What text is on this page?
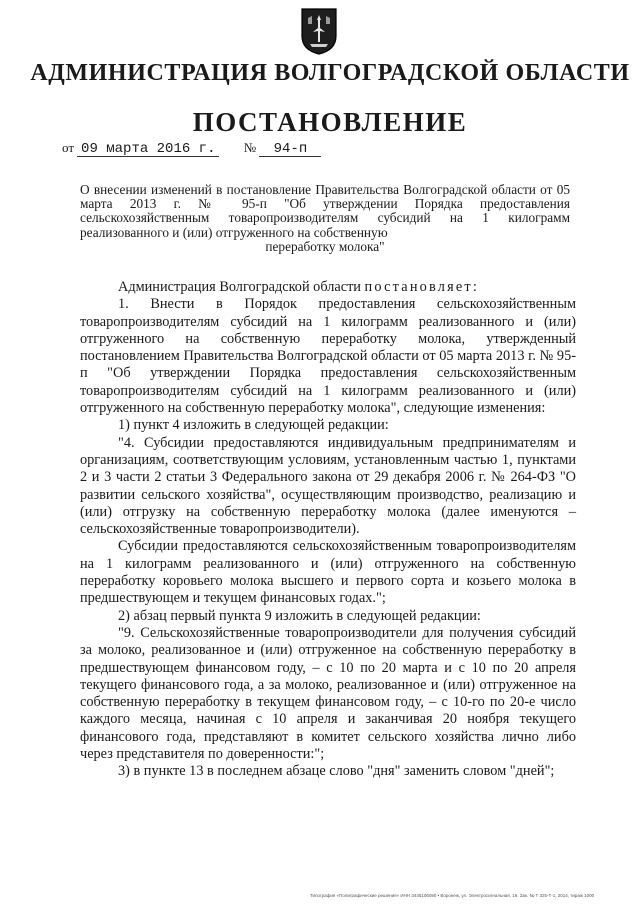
АДМИНИСТРАЦИЯ ВОЛГОГРАДСКОЙ ОБЛАСТИ
ПОСТАНОВЛЕНИЕ
от 09 марта 2016 г. № 94-п
О внесении изменений в постановление Правительства Волгоградской области от 05 марта 2013 г. № 95-п "Об утверждении Порядка предоставления сельскохозяйственным товаропроизводителям субсидий на 1 килограмм реализованного и (или) отгруженного на собственную
переработку молока"

Администрация Волгоградской области постановляет:

1. Внести в Порядок предоставления сельскохозяйственным товаропроизводителям субсидий на 1 килограмм реализованного и (или) отгруженного на собственную переработку молока, утвержденный постановлением Правительства Волгоградской области от 05 марта 2013 г. № 95-п "Об утверждении Порядка предоставления сельскохозяйственным товаропроизводителям субсидий на 1 килограмм реализованного и (или) отгруженного на собственную переработку молока", следующие изменения:

1) пункт 4 изложить в следующей редакции:

"4. Субсидии предоставляются индивидуальным предпринимателям и организациям, соответствующим условиям, установленным частью 1, пунктами 2 и 3 части 2 статьи 3 Федерального закона от 29 декабря 2006 г. № 264-ФЗ "О развитии сельского хозяйства", осуществляющим производство, реализацию и (или) отгрузку на собственную переработку молока (далее именуются – сельскохозяйственные товаропроизводители).

Субсидии предоставляются сельскохозяйственным товаропроизводителям на 1 килограмм реализованного и (или) отгруженного на собственную переработку коровьего молока высшего и первого сорта и козьего молока в предшествующем и текущем финансовых годах.";

2) абзац первый пункта 9 изложить в следующей редакции:

"9. Сельскохозяйственные товаропроизводители для получения субсидий за молоко, реализованное и (или) отгруженное на собственную переработку в предшествующем финансовом году, – с 10 по 20 марта и с 10 по 20 апреля текущего финансового года, а за молоко, реализованное и (или) отгруженное на собственную переработку в текущем финансовом году, – с 10-го по 20-е число каждого месяца, начиная с 10 апреля и заканчивая 20 ноября текущего финансового года, представляют в комитет сельского хозяйства лично либо через представителя по доверенности:";

3) в пункте 13 в последнем абзаце слово "дня" заменить словом "дней";

Типография «Полиграфические решения» ИНН 3445106090 • Воронеж, ул. Электросигнальная, 19. Зак. № Т 325-Т-1, 2014, тираж 1000
